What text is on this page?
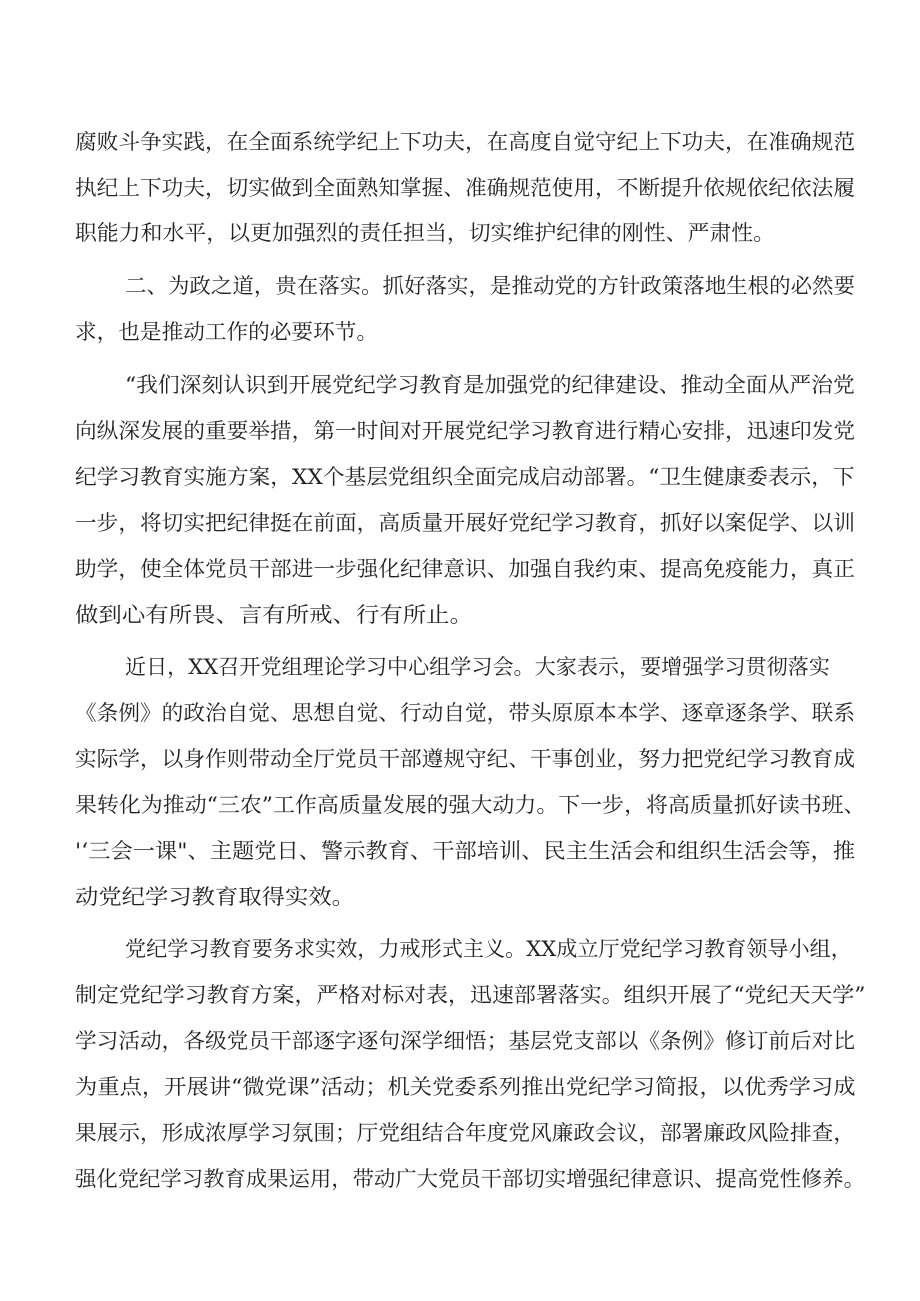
腐败斗争实践，在全面系统学纪上下功夫，在高度自觉守纪上下功夫，在准确规范
执纪上下功夫，切实做到全面熟知掌握、准确规范使用，不断提升依规依纪依法履
职能力和水平，以更加强烈的责任担当，切实维护纪律的刚性、严肃性。
二、为政之道，贵在落实。抓好落实，是推动党的方针政策落地生根的必然要
求，也是推动工作的必要环节。
“我们深刻认识到开展党纪学习教育是加强党的纪律建设、推动全面从严治党
向纵深发展的重要举措，第一时间对开展党纪学习教育进行精心安排，迅速印发党
纪学习教育实施方案，XX个基层党组织全面完成启动部署。“卫生健康委表示，下
一步，将切实把纪律挺在前面，高质量开展好党纪学习教育，抓好以案促学、以训
助学，使全体党员干部进一步强化纪律意识、加强自我约束、提高免疫能力，真正
做到心有所畏、言有所戒、行有所止。
近日，XX召开党组理论学习中心组学习会。大家表示，要增强学习贯彻落实
《条例》的政治自觉、思想自觉、行动自觉，带头原原本本学、逐章逐条学、联系
实际学，以身作则带动全厅党员干部遵规守纪、干事创业，努力把党纪学习教育成
果转化为推动“三农”工作高质量发展的强大动力。下一步，将高质量抓好读书班、
'‘三会一课"、主题党日、警示教育、干部培训、民主生活会和组织生活会等，推
动党纪学习教育取得实效。
党纪学习教育要务求实效，力戒形式主义。XX成立厅党纪学习教育领导小组，
制定党纪学习教育方案，严格对标对表，迅速部署落实。组织开展了“党纪天天学”
学习活动，各级党员干部逐字逐句深学细悟；基层党支部以《条例》修订前后对比
为重点，开展讲“微党课”活动；机关党委系列推出党纪学习简报，以优秀学习成
果展示，形成浓厚学习氛围；厅党组结合年度党风廉政会议，部署廉政风险排查，
强化党纪学习教育成果运用，带动广大党员干部切实增强纪律意识、提高党性修养。
